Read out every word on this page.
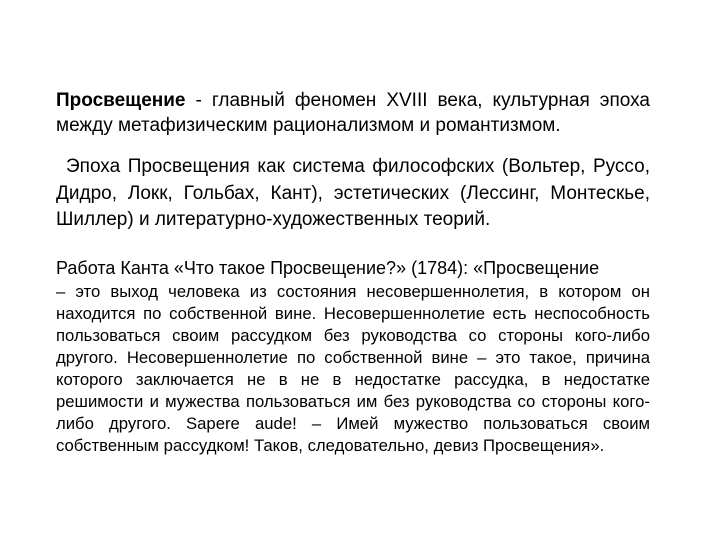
Просвещение - главный феномен XVIII века, культурная эпоха между метафизическим рационализмом и романтизмом.

Эпоха Просвещения как система философских (Вольтер, Руссо, Дидро, Локк, Гольбах, Кант), эстетических (Лессинг, Монтескье, Шиллер) и литературно-художественных теорий.

Работа Канта «Что такое Просвещение?» (1784): «Просвещение

– это выход человека из состояния несовершеннолетия, в котором он находится по собственной вине. Несовершеннолетие есть неспособность пользоваться своим рассудком без руководства со стороны кого-либо другого. Несовершеннолетие по собственной вине – это такое, причина которого заключается не в не в недостатке рассудка, в недостатке решимости и мужества пользоваться им без руководства со стороны кого-либо другого. Sapere aude! – Имей мужество пользоваться своим собственным рассудком! Таков, следовательно, девиз Просвещения».
